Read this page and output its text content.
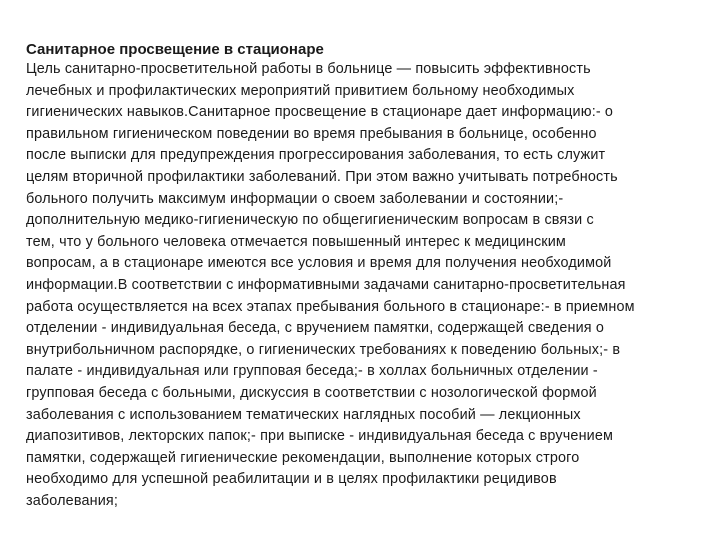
Санитарное просвещение в стационаре
Цель санитарно-просветительной работы в больнице — повысить эффективность
лечебных и профилактических мероприятий привитием больному необходимых
гигиенических навыков.Санитарное просвещение в стационаре дает информацию:- о
правильном гигиеническом поведении во время пребывания в больнице, особенно
после выписки для предупреждения прогрессирования заболевания, то есть служит
целям вторичной профилактики заболеваний. При этом важно учитывать потребность
больного получить максимум информации о своем заболевании и состоянии;-
дополнительную медико-гигиеническую по общегигиеническим вопросам в связи с
тем, что у больного человека отмечается повышенный интерес к медицинским
вопросам, а в стационаре имеются все условия и время для получения необходимой
информации.В соответствии с информативными задачами санитарно-просветительная
работа осуществляется на всех этапах пребывания больного в стационаре:- в приемном
отделении - индивидуальная беседа, с вручением памятки, содержащей сведения о
внутрибольничном распорядке, о гигиенических требованиях к поведению больных;- в
палате - индивидуальная или групповая беседа;- в холлах больничных отделении -
групповая беседа с больными, дискуссия в соответствии с нозологической формой
заболевания с использованием тематических наглядных пособий — лекционных
диапозитивов, лекторских папок;- при выписке - индивидуальная беседа с вручением
памятки, содержащей гигиенические рекомендации, выполнение которых строго
необходимо для успешной реабилитации и в целях профилактики рецидивов
заболевания;
